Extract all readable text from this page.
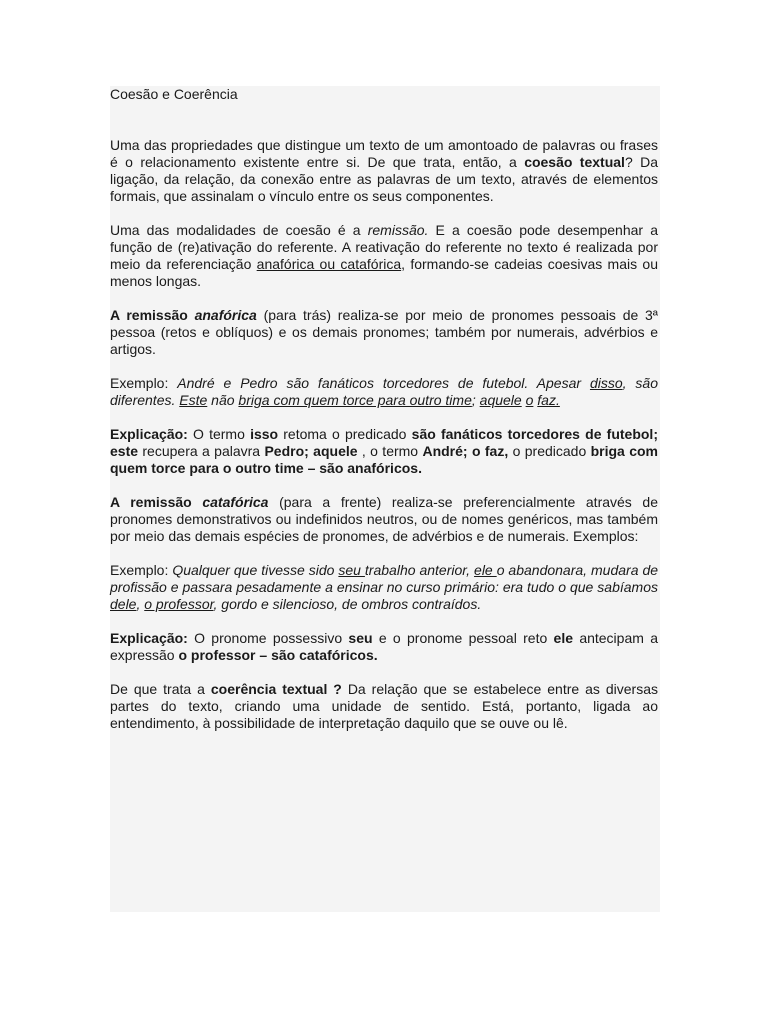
Coesão e Coerência

Uma das propriedades que distingue um texto de um amontoado de palavras ou frases é o relacionamento existente entre si. De que trata, então, a coesão textual? Da ligação, da relação, da conexão entre as palavras de um texto, através de elementos formais, que assinalam o vínculo entre os seus componentes.

Uma das modalidades de coesão é a remissão. E a coesão pode desempenhar a função de (re)ativação do referente. A reativação do referente no texto é realizada por meio da referenciação anafórica ou catafórica, formando-se cadeias coesivas mais ou menos longas.

A remissão anafórica (para trás) realiza-se por meio de pronomes pessoais de 3ª pessoa (retos e oblíquos) e os demais pronomes; também por numerais, advérbios e artigos.

Exemplo: André e Pedro são fanáticos torcedores de futebol. Apesar disso, são diferentes. Este não briga com quem torce para outro time; aquele o faz.

Explicação: O termo isso retoma o predicado são fanáticos torcedores de futebol; este recupera a palavra Pedro; aquele , o termo André; o faz, o predicado briga com quem torce para o outro time – são anafóricos.

A remissão catafórica (para a frente) realiza-se preferencialmente através de pronomes demonstrativos ou indefinidos neutros, ou de nomes genéricos, mas também por meio das demais espécies de pronomes, de advérbios e de numerais. Exemplos:

Exemplo: Qualquer que tivesse sido seu trabalho anterior, ele o abandonara, mudara de profissão e passara pesadamente a ensinar no curso primário: era tudo o que sabíamos dele, o professor, gordo e silencioso, de ombros contraídos.

Explicação: O pronome possessivo seu e o pronome pessoal reto ele antecipam a expressão o professor – são catafóricos.

De que trata a coerência textual ? Da relação que se estabelece entre as diversas partes do texto, criando uma unidade de sentido. Está, portanto, ligada ao entendimento, à possibilidade de interpretação daquilo que se ouve ou lê.
